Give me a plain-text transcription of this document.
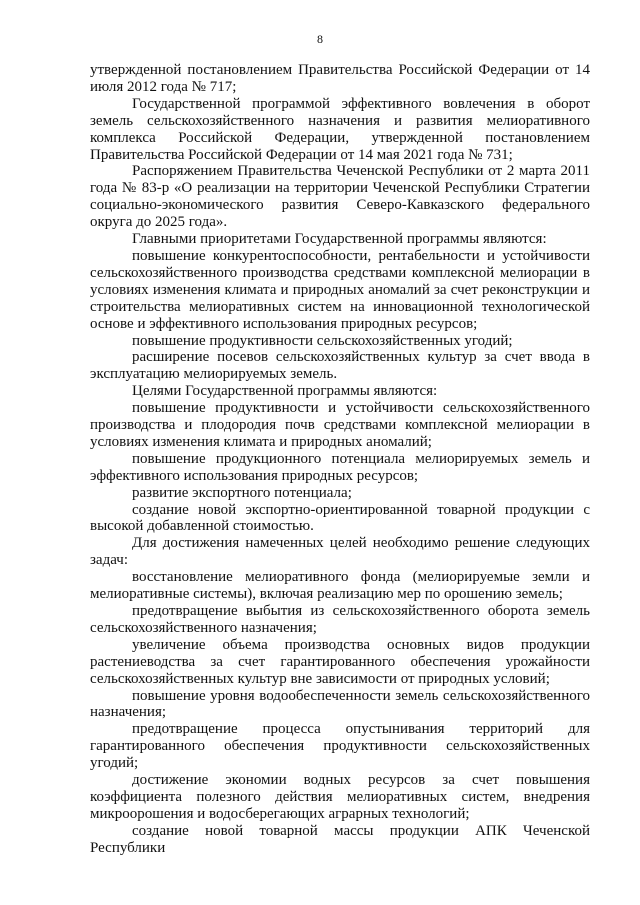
8

утвержденной постановлением Правительства Российской Федерации от 14 июля 2012 года № 717;

Государственной программой эффективного вовлечения в оборот земель сельскохозяйственного назначения и развития мелиоративного комплекса Российской Федерации, утвержденной постановлением Правительства Российской Федерации от 14 мая 2021 года № 731;

Распоряжением Правительства Чеченской Республики от 2 марта 2011 года № 83-р «О реализации на территории Чеченской Республики Стратегии социально-экономического развития Северо-Кавказского федерального округа до 2025 года».

Главными приоритетами Государственной программы являются:

повышение конкурентоспособности, рентабельности и устойчивости сельскохозяйственного производства средствами комплексной мелиорации в условиях изменения климата и природных аномалий за счет реконструкции и строительства мелиоративных систем на инновационной технологической основе и эффективного использования природных ресурсов;

повышение продуктивности сельскохозяйственных угодий;

расширение посевов сельскохозяйственных культур за счет ввода в эксплуатацию мелиорируемых земель.

Целями Государственной программы являются:

повышение продуктивности и устойчивости сельскохозяйственного производства и плодородия почв средствами комплексной мелиорации в условиях изменения климата и природных аномалий;

повышение продукционного потенциала мелиорируемых земель и эффективного использования природных ресурсов;

развитие экспортного потенциала;

создание новой экспортно-ориентированной товарной продукции с высокой добавленной стоимостью.

Для достижения намеченных целей необходимо решение следующих задач:

восстановление мелиоративного фонда (мелиорируемые земли и мелиоративные системы), включая реализацию мер по орошению земель;

предотвращение выбытия из сельскохозяйственного оборота земель сельскохозяйственного назначения;

увеличение объема производства основных видов продукции растениеводства за счет гарантированного обеспечения урожайности сельскохозяйственных культур вне зависимости от природных условий;

повышение уровня водообеспеченности земель сельскохозяйственного назначения;

предотвращение процесса опустынивания территорий для гарантированного обеспечения продуктивности сельскохозяйственных угодий;

достижение экономии водных ресурсов за счет повышения коэффициента полезного действия мелиоративных систем, внедрения микроорошения и водосберегающих аграрных технологий;

создание новой товарной массы продукции АПК Чеченской Республики
